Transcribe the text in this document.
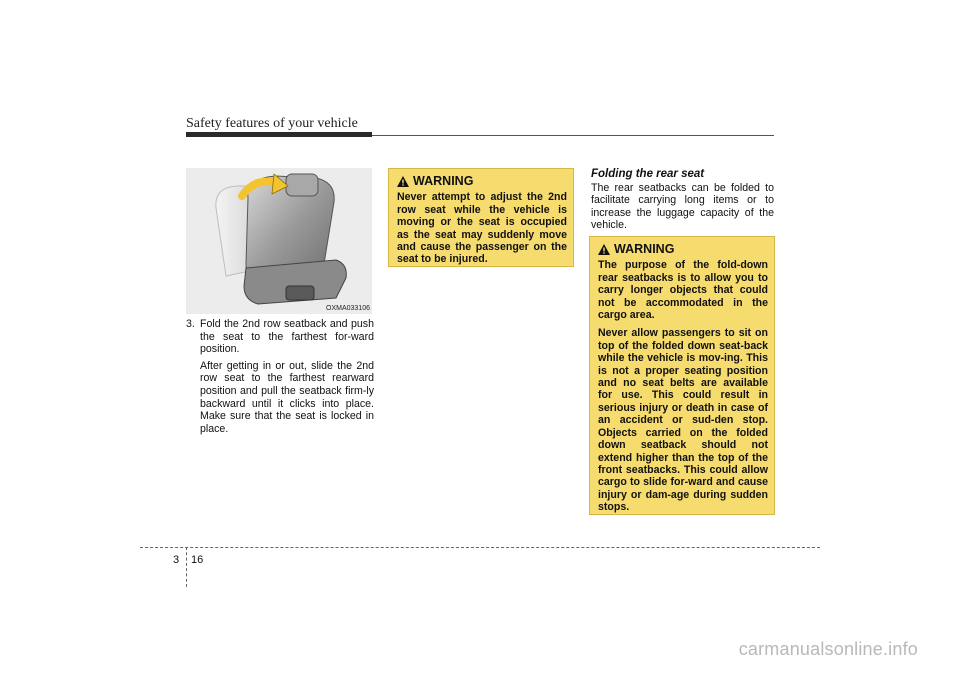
Safety features of your vehicle
OXMA033106
3. Fold the 2nd row seatback and push the seat to the farthest for-ward position.
After getting in or out, slide the 2nd row seat to the farthest rearward position and pull the seatback firm-ly backward until it clicks into place. Make sure that the seat is locked in place.
WARNING

Never attempt to adjust the 2nd row seat while the vehicle is moving or the seat is occupied as the seat may suddenly move and cause the passenger on the seat to be injured.

Folding the rear seat
The rear seatbacks can be folded to facilitate carrying long items or to increase the luggage capacity of the vehicle.
WARNING

The purpose of the fold-down rear seatbacks is to allow you to carry longer objects that could not be accommodated in the cargo area.

Never allow passengers to sit on top of the folded down seat-back while the vehicle is mov-ing. This is not a proper seating position and no seat belts are available for use. This could result in serious injury or death in case of an accident or sud-den stop. Objects carried on the folded down seatback should not extend higher than the top of the front seatbacks. This could allow cargo to slide for-ward and cause injury or dam-age during sudden stops.

3 16
carmanualsonline.info
